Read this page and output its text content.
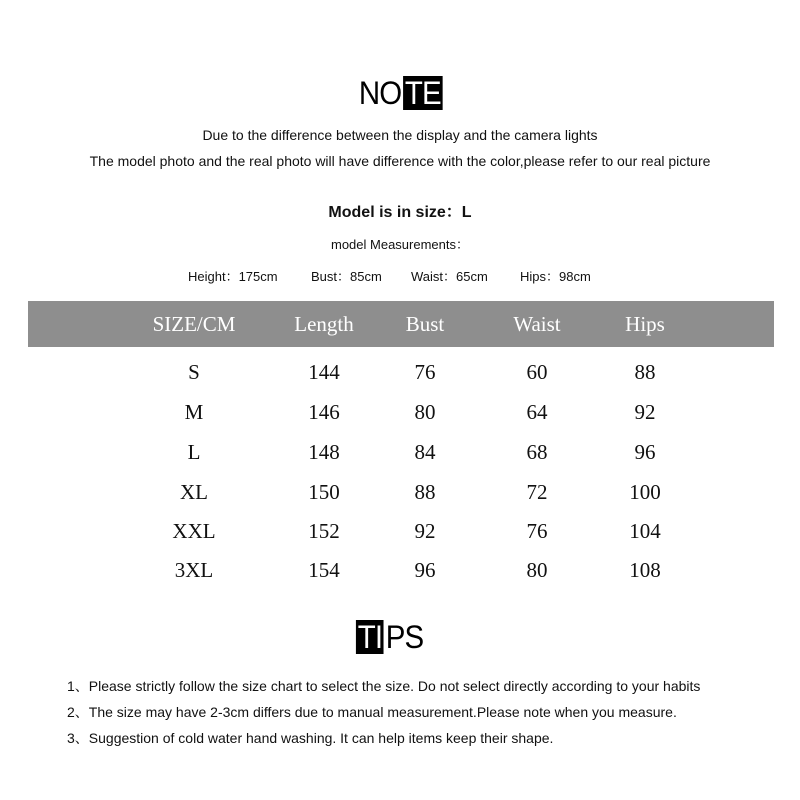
NO TE
Due to the difference between the display and the camera lights
The model photo and the real photo will have difference with the color,please refer to our real picture
Model is in size：L
model Measurements：
Height：175cm	Bust：85cm Waist：65cm Hips：98cm
SIZE/CM	Length	Bust	Waist	Hips
S	144	76	60	88
M	146	80	64	92
L	148	84	68	96
XL	150	88	72	100
XXL	152	92	76	104
3XL	154	96	80	108
TI PS
1、Please strictly follow the size chart to select the size. Do not select directly according to your habits
2、The size may have 2-3cm differs due to manual measurement.Please note when you measure.
3、Suggestion of cold water hand washing. It can help items keep their shape.
